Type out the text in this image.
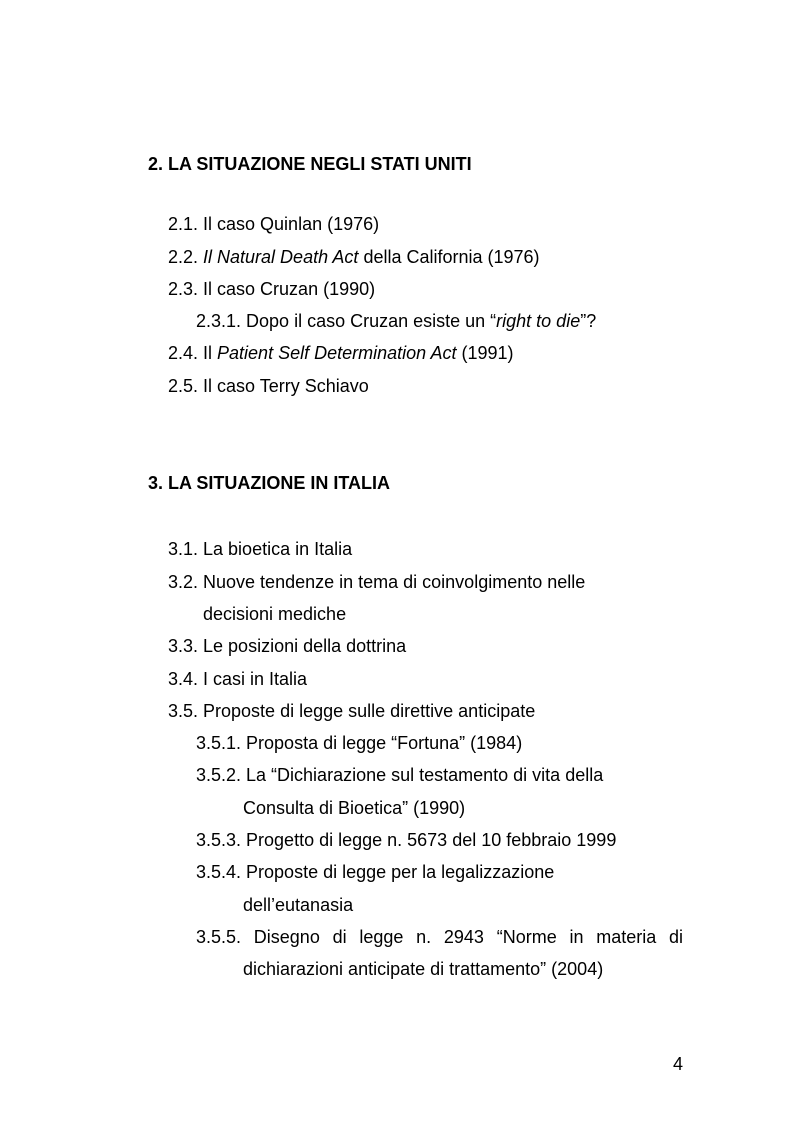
2. LA SITUAZIONE NEGLI STATI UNITI
2.1. Il caso Quinlan (1976)
2.2. Il Natural Death Act della California (1976)
2.3. Il caso Cruzan (1990)
2.3.1. Dopo il caso Cruzan esiste un “right to die”?
2.4. Il Patient Self Determination Act (1991)
2.5. Il caso Terry Schiavo
3. LA SITUAZIONE IN ITALIA
3.1. La bioetica in Italia
3.2. Nuove tendenze in tema di coinvolgimento nelle
decisioni mediche
3.3. Le posizioni della dottrina
3.4. I casi in Italia
3.5. Proposte di legge sulle direttive anticipate
3.5.1. Proposta di legge “Fortuna” (1984)
3.5.2. La “Dichiarazione sul testamento di vita della
Consulta di Bioetica” (1990)
3.5.3. Progetto di legge n. 5673 del 10 febbraio 1999
3.5.4. Proposte di legge per la legalizzazione
dell’eutanasia
3.5.5. Disegno di legge n. 2943 “Norme in materia di
dichiarazioni anticipate di trattamento” (2004)
4
